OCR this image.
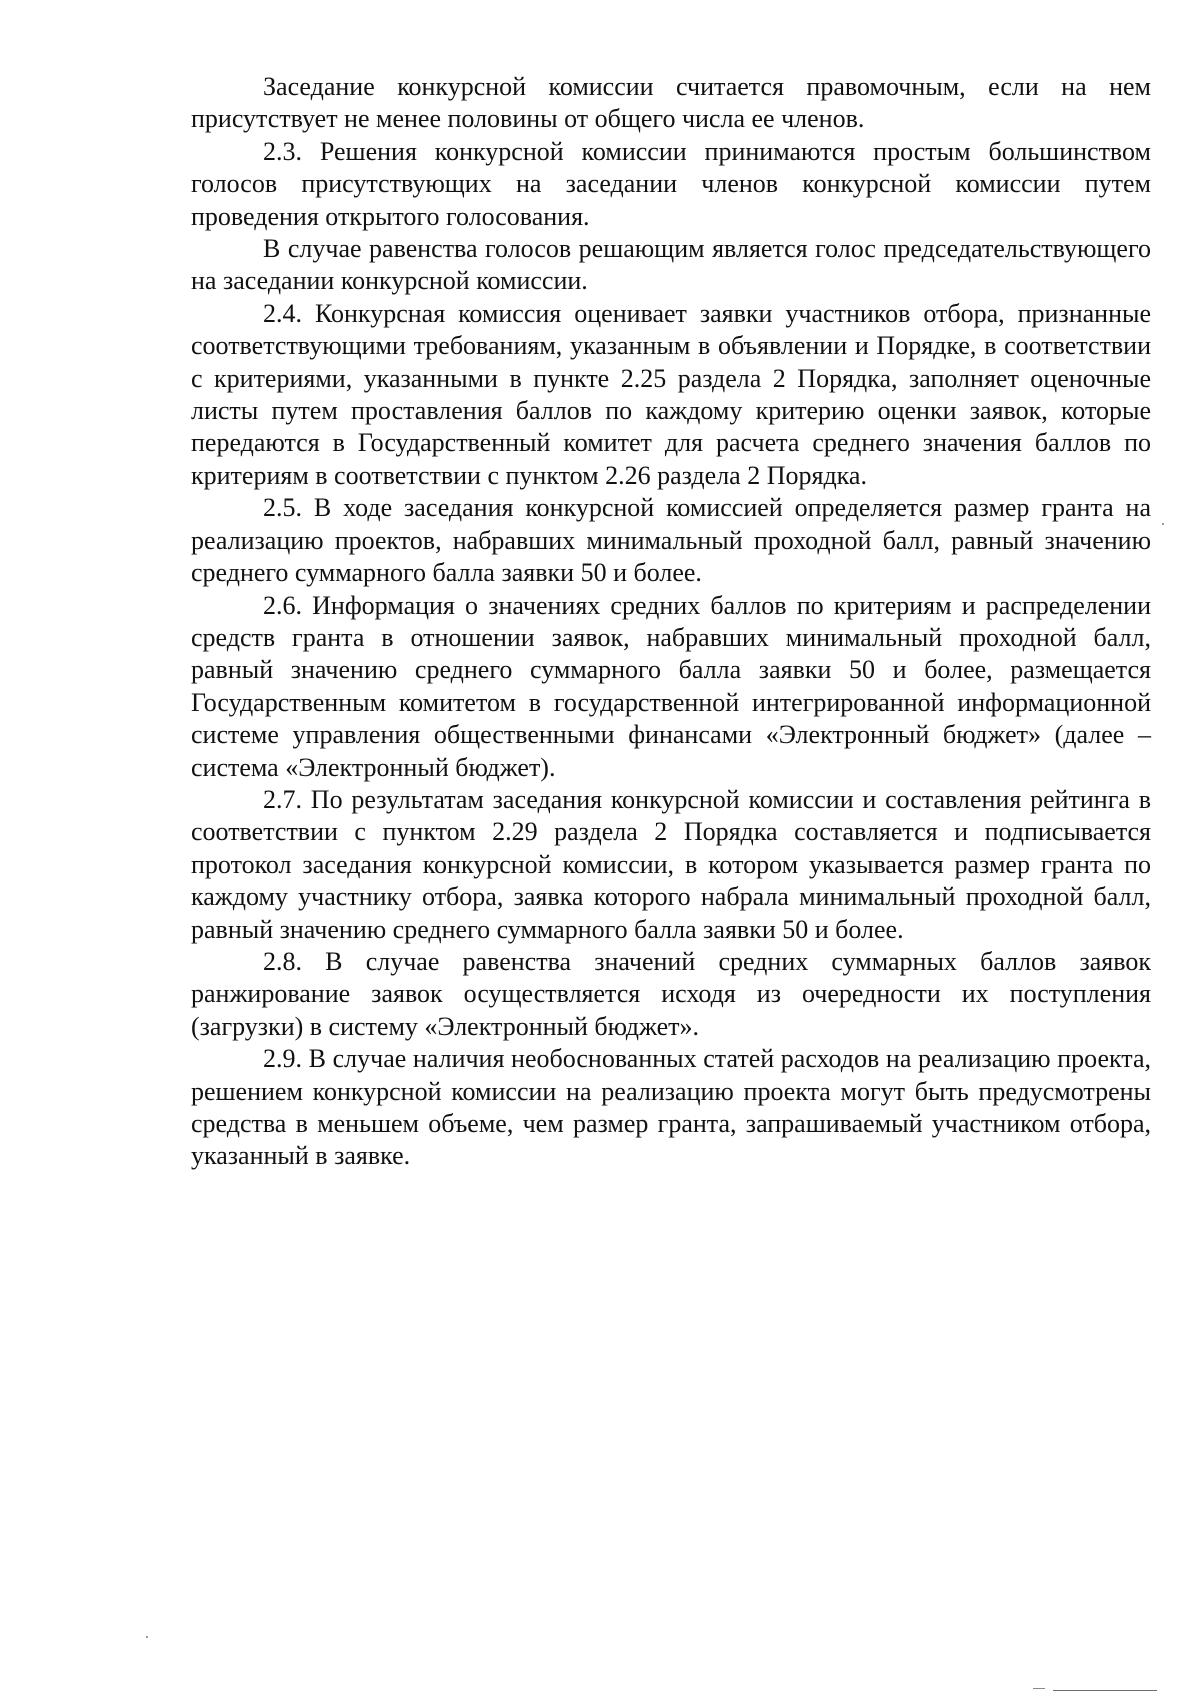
Заседание конкурсной комиссии считается правомочным, если на нем присутствует не менее половины от общего числа ее членов.

2.3. Решения конкурсной комиссии принимаются простым большинством голосов присутствующих на заседании членов конкурсной комиссии путем проведения открытого голосования.

В случае равенства голосов решающим является голос председательствующего на заседании конкурсной комиссии.

2.4. Конкурсная комиссия оценивает заявки участников отбора, признанные соответствующими требованиям, указанным в объявлении и Порядке, в соответствии с критериями, указанными в пункте 2.25 раздела 2 Порядка, заполняет оценочные листы путем проставления баллов по каждому критерию оценки заявок, которые передаются в Государственный комитет для расчета среднего значения баллов по критериям в соответствии с пунктом 2.26 раздела 2 Порядка.

2.5. В ходе заседания конкурсной комиссией определяется размер гранта на реализацию проектов, набравших минимальный проходной балл, равный значению среднего суммарного балла заявки 50 и более.

2.6. Информация о значениях средних баллов по критериям и распределении средств гранта в отношении заявок, набравших минимальный проходной балл, равный значению среднего суммарного балла заявки 50 и более, размещается Государственным комитетом в государственной интегрированной информационной системе управления общественными финансами «Электронный бюджет» (далее – система «Электронный бюджет).

2.7. По результатам заседания конкурсной комиссии и составления рейтинга в соответствии с пунктом 2.29 раздела 2 Порядка составляется и подписывается протокол заседания конкурсной комиссии, в котором указывается размер гранта по каждому участнику отбора, заявка которого набрала минимальный проходной балл, равный значению среднего суммарного балла заявки 50 и более.

2.8. В случае равенства значений средних суммарных баллов заявок ранжирование заявок осуществляется исходя из очередности их поступления (загрузки) в систему «Электронный бюджет».

2.9. В случае наличия необоснованных статей расходов на реализацию проекта, решением конкурсной комиссии на реализацию проекта могут быть предусмотрены средства в меньшем объеме, чем размер гранта, запрашиваемый участником отбора, указанный в заявке.
